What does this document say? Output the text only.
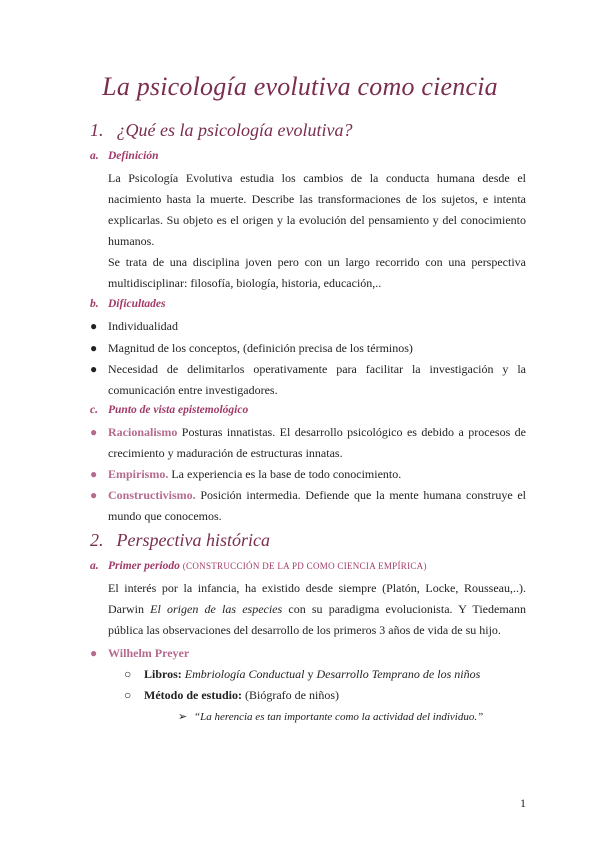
La psicología evolutiva como ciencia
1. ¿Qué es la psicología evolutiva?
a. Definición
La Psicología Evolutiva estudia los cambios de la conducta humana desde el nacimiento hasta la muerte. Describe las transformaciones de los sujetos, e intenta explicarlas. Su objeto es el origen y la evolución del pensamiento y del conocimiento humanos.
Se trata de una disciplina joven pero con un largo recorrido con una perspectiva multidisciplinar: filosofía, biología, historia, educación,..
b. Dificultades
● Individualidad
● Magnitud de los conceptos, (definición precisa de los términos)
● Necesidad de delimitarlos operativamente para facilitar la investigación y la comunicación entre investigadores.
c. Punto de vista epistemológico
● Racionalismo Posturas innatistas. El desarrollo psicológico es debido a procesos de crecimiento y maduración de estructuras innatas.
● Empirismo. La experiencia es la base de todo conocimiento.
● Constructivismo. Posición intermedia. Defiende que la mente humana construye el mundo que conocemos.
2. Perspectiva histórica
a. Primer periodo (CONSTRUCCIÓN DE LA PD COMO CIENCIA EMPÍRICA)
El interés por la infancia, ha existido desde siempre (Platón, Locke, Rousseau,..). Darwin El origen de las especies con su paradigma evolucionista. Y Tiedemann pública las observaciones del desarrollo de los primeros 3 años de vida de su hijo.
● Wilhelm Preyer
○ Libros: Embriología Conductual y Desarrollo Temprano de los niños
○ Método de estudio: (Biógrafo de niños)
➢ “La herencia es tan importante como la actividad del individuo.”
1
